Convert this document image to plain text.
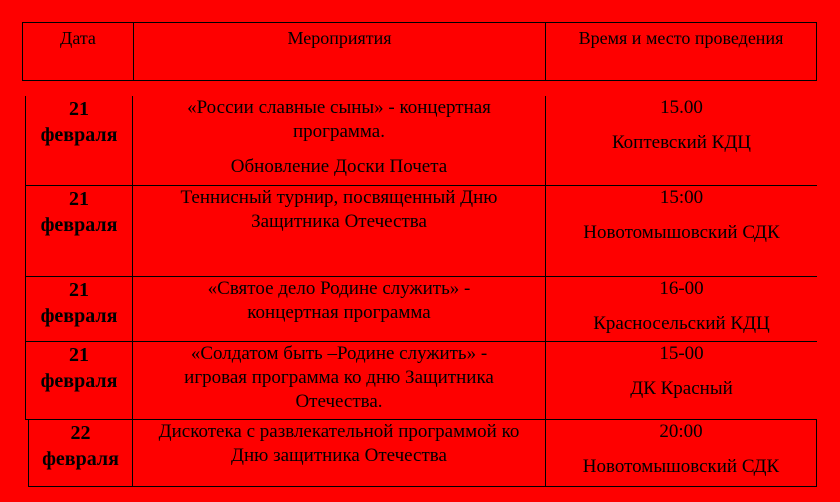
Дата	Мероприятия	Время и место проведения
21
февраля
«России славные сыны» - концертная программа.
Обновление Доски Почета
15.00
Коптевский КДЦ
21
февраля
Теннисный турнир, посвященный Дню Защитника Отечества
15:00
Новотомышовский СДК
21
февраля
«Святое дело Родине служить» - концертная программа
16-00
Красносельский КДЦ
21
февраля
«Солдатом быть –Родине служить» - игровая программа ко дню Защитника Отечества.
15-00
ДК Красный
22
февраля
Дискотека с развлекательной программой ко Дню защитника Отечества
20:00
Новотомышовский СДК
